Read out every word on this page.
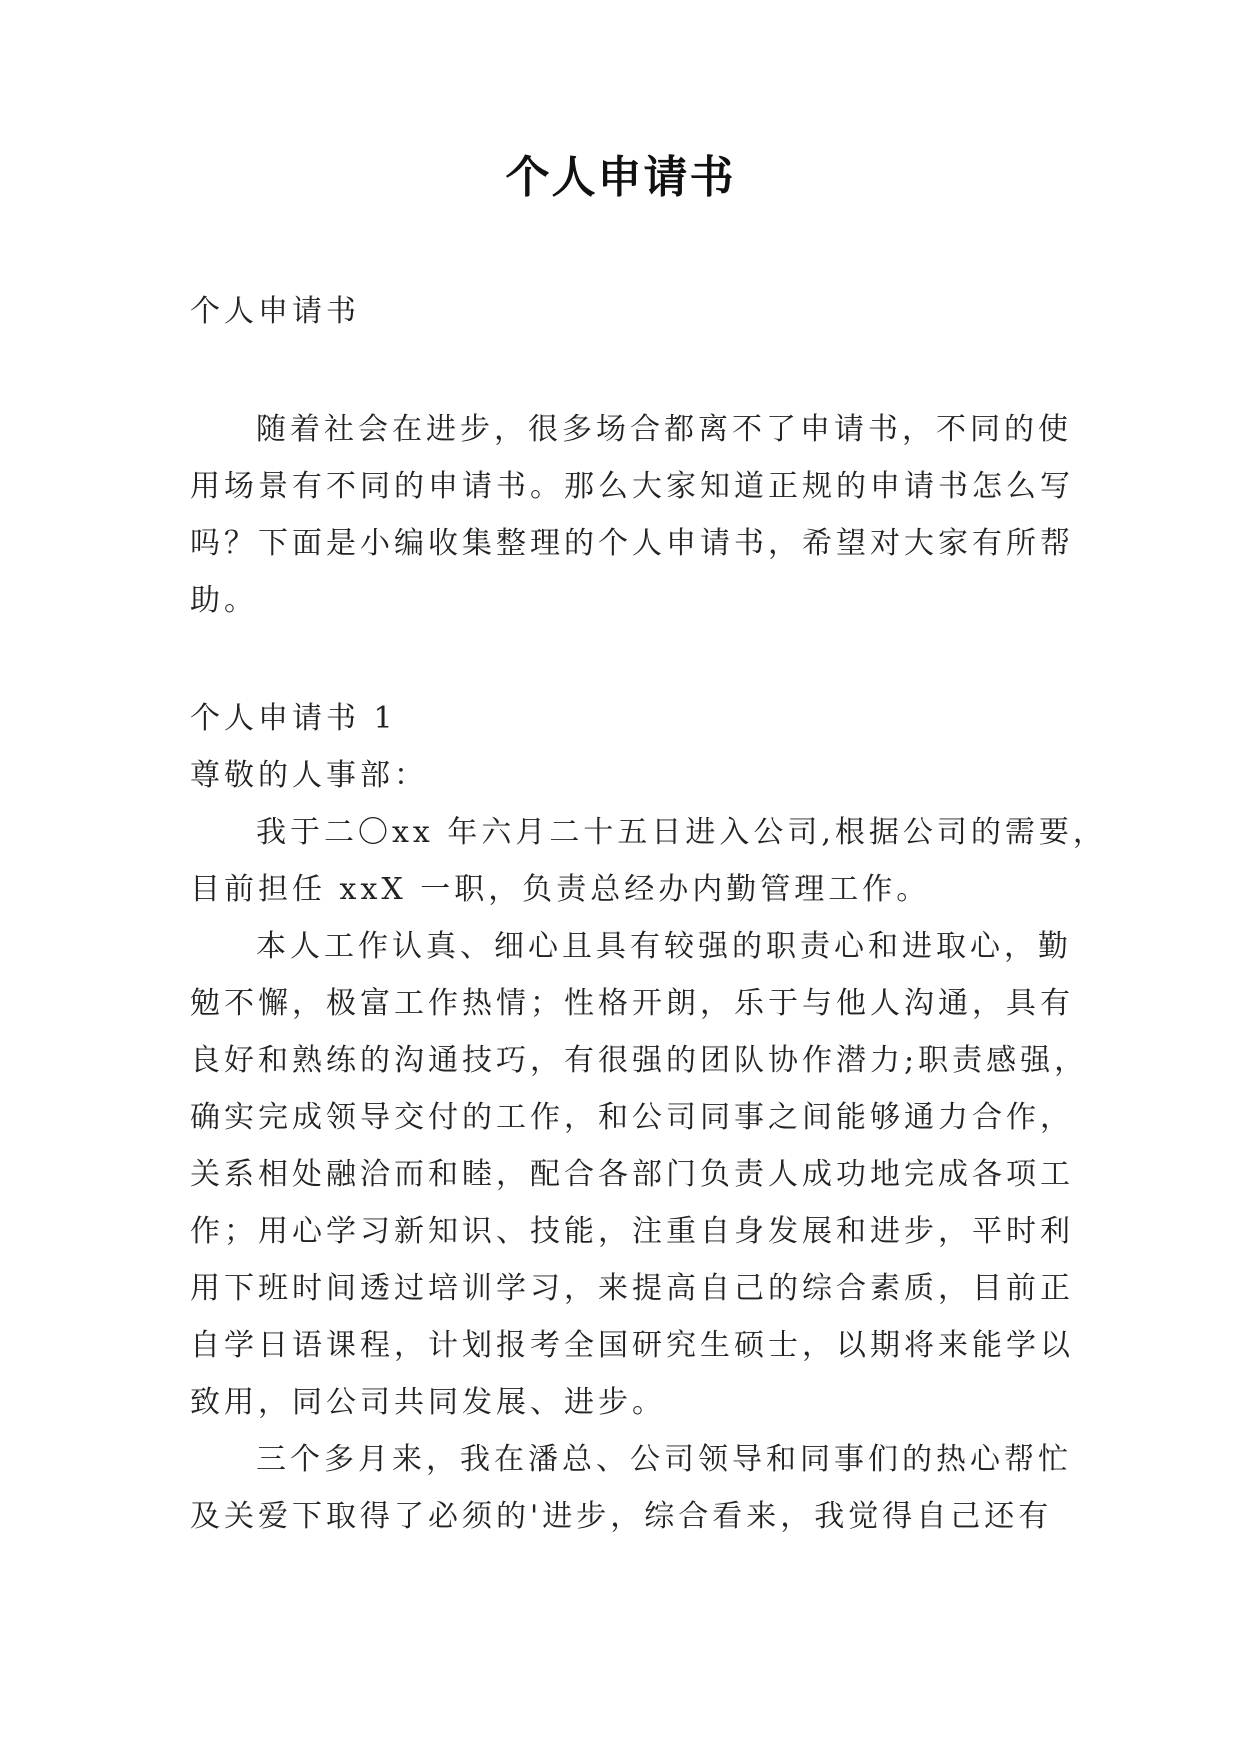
个人申请书
个人申请书
随着社会在进步，很多场合都离不了申请书，不同的使
用场景有不同的申请书。那么大家知道正规的申请书怎么写
吗？下面是小编收集整理的个人申请书，希望对大家有所帮
助。
个人申请书 1
尊敬的人事部：
我于二〇xx 年六月二十五日进入公司,根据公司的需要，
目前担任 xxX 一职，负责总经办内勤管理工作。
本人工作认真、细心且具有较强的职责心和进取心，勤
勉不懈，极富工作热情；性格开朗，乐于与他人沟通，具有
良好和熟练的沟通技巧，有很强的团队协作潜力;职责感强，
确实完成领导交付的工作，和公司同事之间能够通力合作，
关系相处融洽而和睦，配合各部门负责人成功地完成各项工
作；用心学习新知识、技能，注重自身发展和进步，平时利
用下班时间透过培训学习，来提高自己的综合素质，目前正
自学日语课程，计划报考全国研究生硕士，以期将来能学以
致用，同公司共同发展、进步。
三个多月来，我在潘总、公司领导和同事们的热心帮忙
及关爱下取得了必须的'进步，综合看来，我觉得自己还有
